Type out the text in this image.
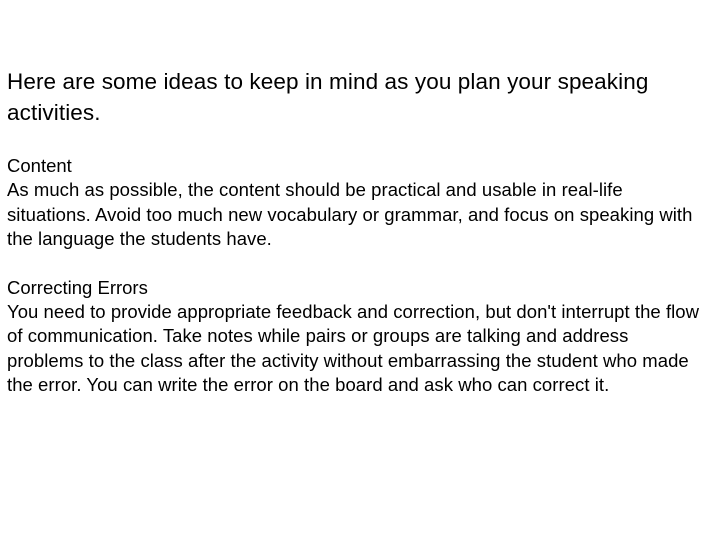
Here are some ideas to keep in mind as you plan your speaking activities.

Content

As much as possible, the content should be practical and usable in real-life situations. Avoid too much new vocabulary or grammar, and focus on speaking with the language the students have.

Correcting Errors

You need to provide appropriate feedback and correction, but don't interrupt the flow of communication. Take notes while pairs or groups are talking and address problems to the class after the activity without embarrassing the student who made the error. You can write the error on the board and ask who can correct it.
